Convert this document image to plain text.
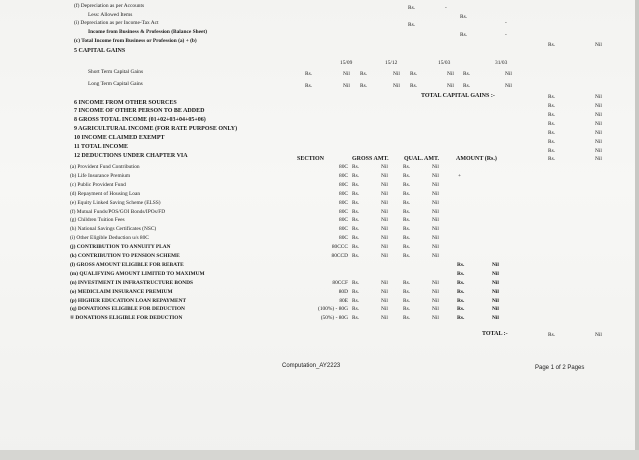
(f) Depreciation as per Accounts	Rs.	-
Less: Allowed Items	Rs.
(i) Depreciation as per Income-Tax Act	Rs.	-
Income from Business & Profession (Balance Sheet)	Rs.	-
(c) Total Income from Business or Profession (a) + (b)
Rs.	Nil
5 CAPITAL GAINS
15/09	15/12	15/03	31/03
Short Term Capital Gains	Rs.	Nil Rs.	Nil Rs.	Nil Rs.	Nil
Long Term Capital Gains	Rs.	Nil Rs.	Nil Rs.	Nil Rs.	Nil
TOTAL CAPITAL GAINS :-	Rs.	Nil
6 INCOME FROM OTHER SOURCES	Rs.	Nil
7 INCOME OF OTHER PERSON TO BE ADDED
Rs.	Nil
8 GROSS TOTAL INCOME (01+02+03+04+05+06)
Rs.	Nil
9 AGRICULTURAL INCOME (FOR RATE PURPOSE ONLY)
Rs.	Nil
10 INCOME CLAIMED EXEMPT
Rs.	Nil
11 TOTAL INCOME
Rs.	Nil
12 DEDUCTIONS UNDER CHAPTER VIA	Rs.	Nil
SECTION	GROSS AMT.	QUAL. AMT.	AMOUNT (Rs.)
(a) Provident Fund Contribution	80C Rs.	Nil	Rs.	Nil
(b) Life Insurance Premium	80C Rs.	Nil	Rs.	Nil	+
(c) Public Provident Fund	80C Rs.	Nil	Rs.	Nil
(d) Repayment of Housing Loan	80C Rs.	Nil	Rs.	Nil
(e) Equity Linked Saving Scheme (ELSS)	80C Rs.	Nil	Rs.	Nil
(f) Mutual Funds/POS/GOI Bonds/IPOs/FD	80C Rs.	Nil	Rs.	Nil
(g) Children Tuition Fees	80C Rs.	Nil	Rs.	Nil
(h) National Savings Certificates (NSC)	80C Rs.	Nil	Rs.	Nil
(i) Other Eligible Deduction u/s 80C	80C Rs.	Nil	Rs.	Nil
(j) CONTRIBUTION TO ANNUITY PLAN	80CCC Rs.	Nil	Rs.	Nil
(k) CONTRIBUTION TO PENSION SCHEME	80CCD Rs.	Nil	Rs.	Nil
(l) GROSS AMOUNT ELIGIBLE FOR REBATE	Rs.	Nil
(m) QUALIFYING AMOUNT LIMITED TO MAXIMUM	Rs.	Nil
(n) INVESTMENT IN INFRASTRUCTURE BONDS	80CCF Rs.	Nil	Rs.	Nil	Rs.	Nil
(o) MEDICLAIM INSURANCE PREMIUM	80D Rs.	Nil	Rs.	Nil	Rs.	Nil
(p) HIGHER EDUCATION LOAN REPAYMENT	80E Rs.	Nil	Rs.	Nil	Rs.	Nil
(q) DONATIONS ELIGIBLE FOR DEDUCTION	(100%) - 80G Rs.	Nil	Rs.	Nil	Rs.	Nil
® DONATIONS ELIGIBLE FOR DEDUCTION	(50%) - 80G Rs.	Nil	Rs.	Nil	Rs.	Nil
TOTAL :-	Rs.	Nil
Computation_AY2223	Page 1 of 2 Pages
